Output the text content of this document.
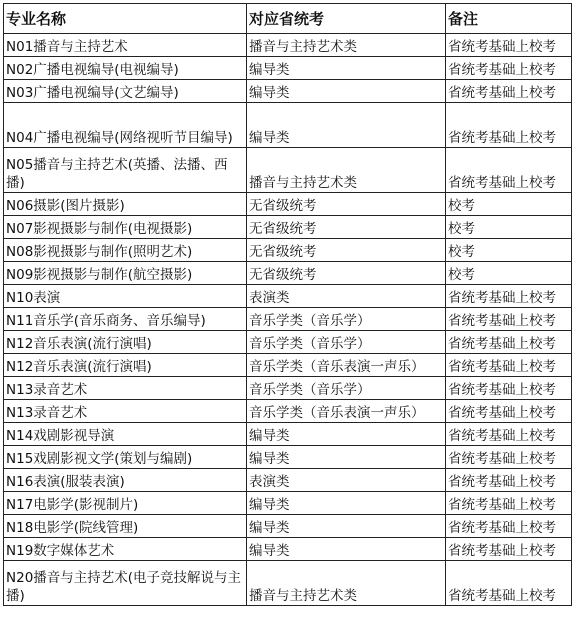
专业名称	对应省统考	备注
N01播音与主持艺术	播音与主持艺术类	省统考基础上校考
N02广播电视编导(电视编导)	编导类	省统考基础上校考
N03广播电视编导(文艺编导)	编导类	省统考基础上校考
N04广播电视编导(网络视听节目编导)	编导类	省统考基础上校考
N05播音与主持艺术(英播、法播、西播)	播音与主持艺术类	省统考基础上校考
N06摄影(图片摄影)	无省级统考	校考
N07影视摄影与制作(电视摄影)	无省级统考	校考
N08影视摄影与制作(照明艺术)	无省级统考	校考
N09影视摄影与制作(航空摄影)	无省级统考	校考
N10表演	表演类	省统考基础上校考
N11音乐学(音乐商务、音乐编导)	音乐学类（音乐学）	省统考基础上校考
N12音乐表演(流行演唱)	音乐学类（音乐学）	省统考基础上校考
N12音乐表演(流行演唱)	音乐学类（音乐表演一声乐）	省统考基础上校考
N13录音艺术	音乐学类（音乐学）	省统考基础上校考
N13录音艺术	音乐学类（音乐表演一声乐）	省统考基础上校考
N14戏剧影视导演	编导类	省统考基础上校考
N15戏剧影视文学(策划与编剧)	编导类	省统考基础上校考
N16表演(服装表演)	表演类	省统考基础上校考
N17电影学(影视制片)	编导类	省统考基础上校考
N18电影学(院线管理)	编导类	省统考基础上校考
N19数字媒体艺术	编导类	省统考基础上校考
N20播音与主持艺术(电子竞技解说与主播)	播音与主持艺术类	省统考基础上校考
